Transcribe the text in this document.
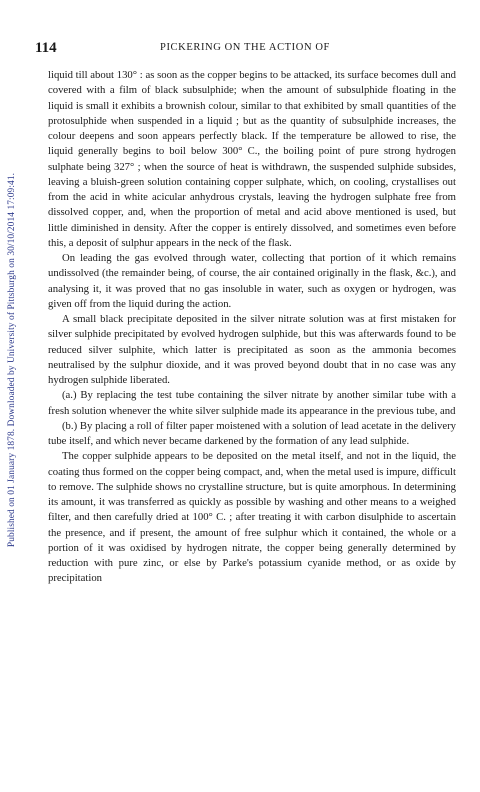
Published on 01 January 1878. Downloaded by University of Pittsburgh on 30/10/2014 17:09:41.
114	PICKERING ON THE ACTION OF

liquid till about 130° : as soon as the copper begins to be attacked, its surface becomes dull and covered with a film of black subsulphide; when the amount of subsulphide floating in the liquid is small it exhibits a brownish colour, similar to that exhibited by small quantities of the protosulphide when suspended in a liquid ; but as the quantity of subsulphide increases, the colour deepens and soon appears perfectly black. If the temperature be allowed to rise, the liquid generally begins to boil below 300° C., the boiling point of pure strong hydrogen sulphate being 327° ; when the source of heat is withdrawn, the suspended sulphide subsides, leaving a bluish-green solution containing copper sulphate, which, on cooling, crystallises out from the acid in white acicular anhydrous crystals, leaving the hydrogen sulphate free from dissolved copper, and, when the proportion of metal and acid above mentioned is used, but little diminished in density. After the copper is entirely dissolved, and sometimes even before this, a deposit of sulphur appears in the neck of the flask.

On leading the gas evolved through water, collecting that portion of it which remains undissolved (the remainder being, of course, the air contained originally in the flask, &c.), and analysing it, it was proved that no gas insoluble in water, such as oxygen or hydrogen, was given off from the liquid during the action.

A small black precipitate deposited in the silver nitrate solution was at first mistaken for silver sulphide precipitated by evolved hydrogen sulphide, but this was afterwards found to be reduced silver sulphite, which latter is precipitated as soon as the ammonia becomes neutralised by the sulphur dioxide, and it was proved beyond doubt that in no case was any hydrogen sulphide liberated.

(a.) By replacing the test tube containing the silver nitrate by another similar tube with a fresh solution whenever the white silver sulphide made its appearance in the previous tube, and

(b.) By placing a roll of filter paper moistened with a solution of lead acetate in the delivery tube itself, and which never became darkened by the formation of any lead sulphide.

The copper sulphide appears to be deposited on the metal itself, and not in the liquid, the coating thus formed on the copper being compact, and, when the metal used is impure, difficult to remove. The sulphide shows no crystalline structure, but is quite amorphous. In determining its amount, it was transferred as quickly as possible by washing and other means to a weighed filter, and then carefully dried at 100° C. ; after treating it with carbon disulphide to ascertain the presence, and if present, the amount of free sulphur which it contained, the whole or a portion of it was oxidised by hydrogen nitrate, the copper being generally determined by reduction with pure zinc, or else by Parke's potassium cyanide method, or as oxide by precipitation
